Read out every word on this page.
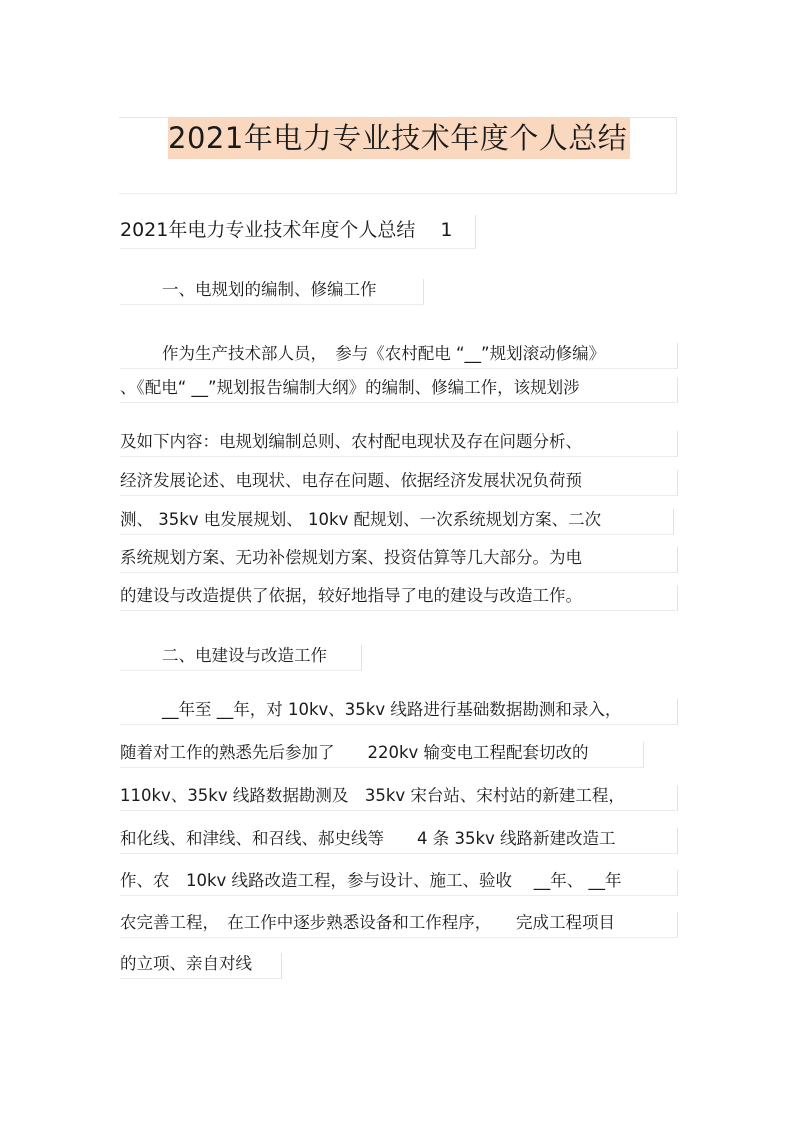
2021年电力专业技术年度个人总结
2021年电力专业技术年度个人总结　 1
一、电规划的编制、修编工作
作为生产技术部人员，　参与《农村配电 “__”规划滚动修编》
、《配电“ __”规划报告编制大纲》的编制、修编工作，该规划涉
及如下内容：电规划编制总则、农村配电现状及存在问题分析、
经济发展论述、电现状、电存在问题、依据经济发展状况负荷预
测、 35kv 电发展规划、 10kv 配规划、一次系统规划方案、二次
系统规划方案、无功补偿规划方案、投资估算等几大部分。为电
的建设与改造提供了依据，较好地指导了电的建设与改造工作。
二、电建设与改造工作
__年至 __年，对 10kv、35kv 线路进行基础数据勘测和录入，
随着对工作的熟悉先后参加了　　220kv 输变电工程配套切改的
110kv、35kv 线路数据勘测及　35kv 宋台站、宋村站的新建工程，
和化线、和津线、和召线、郝史线等　　4 条 35kv 线路新建改造工
作、农　10kv 线路改造工程，参与设计、施工、验收　 __年、 __年
农完善工程，　在工作中逐步熟悉设备和工作程序，　　完成工程项目
的立项、亲自对线
